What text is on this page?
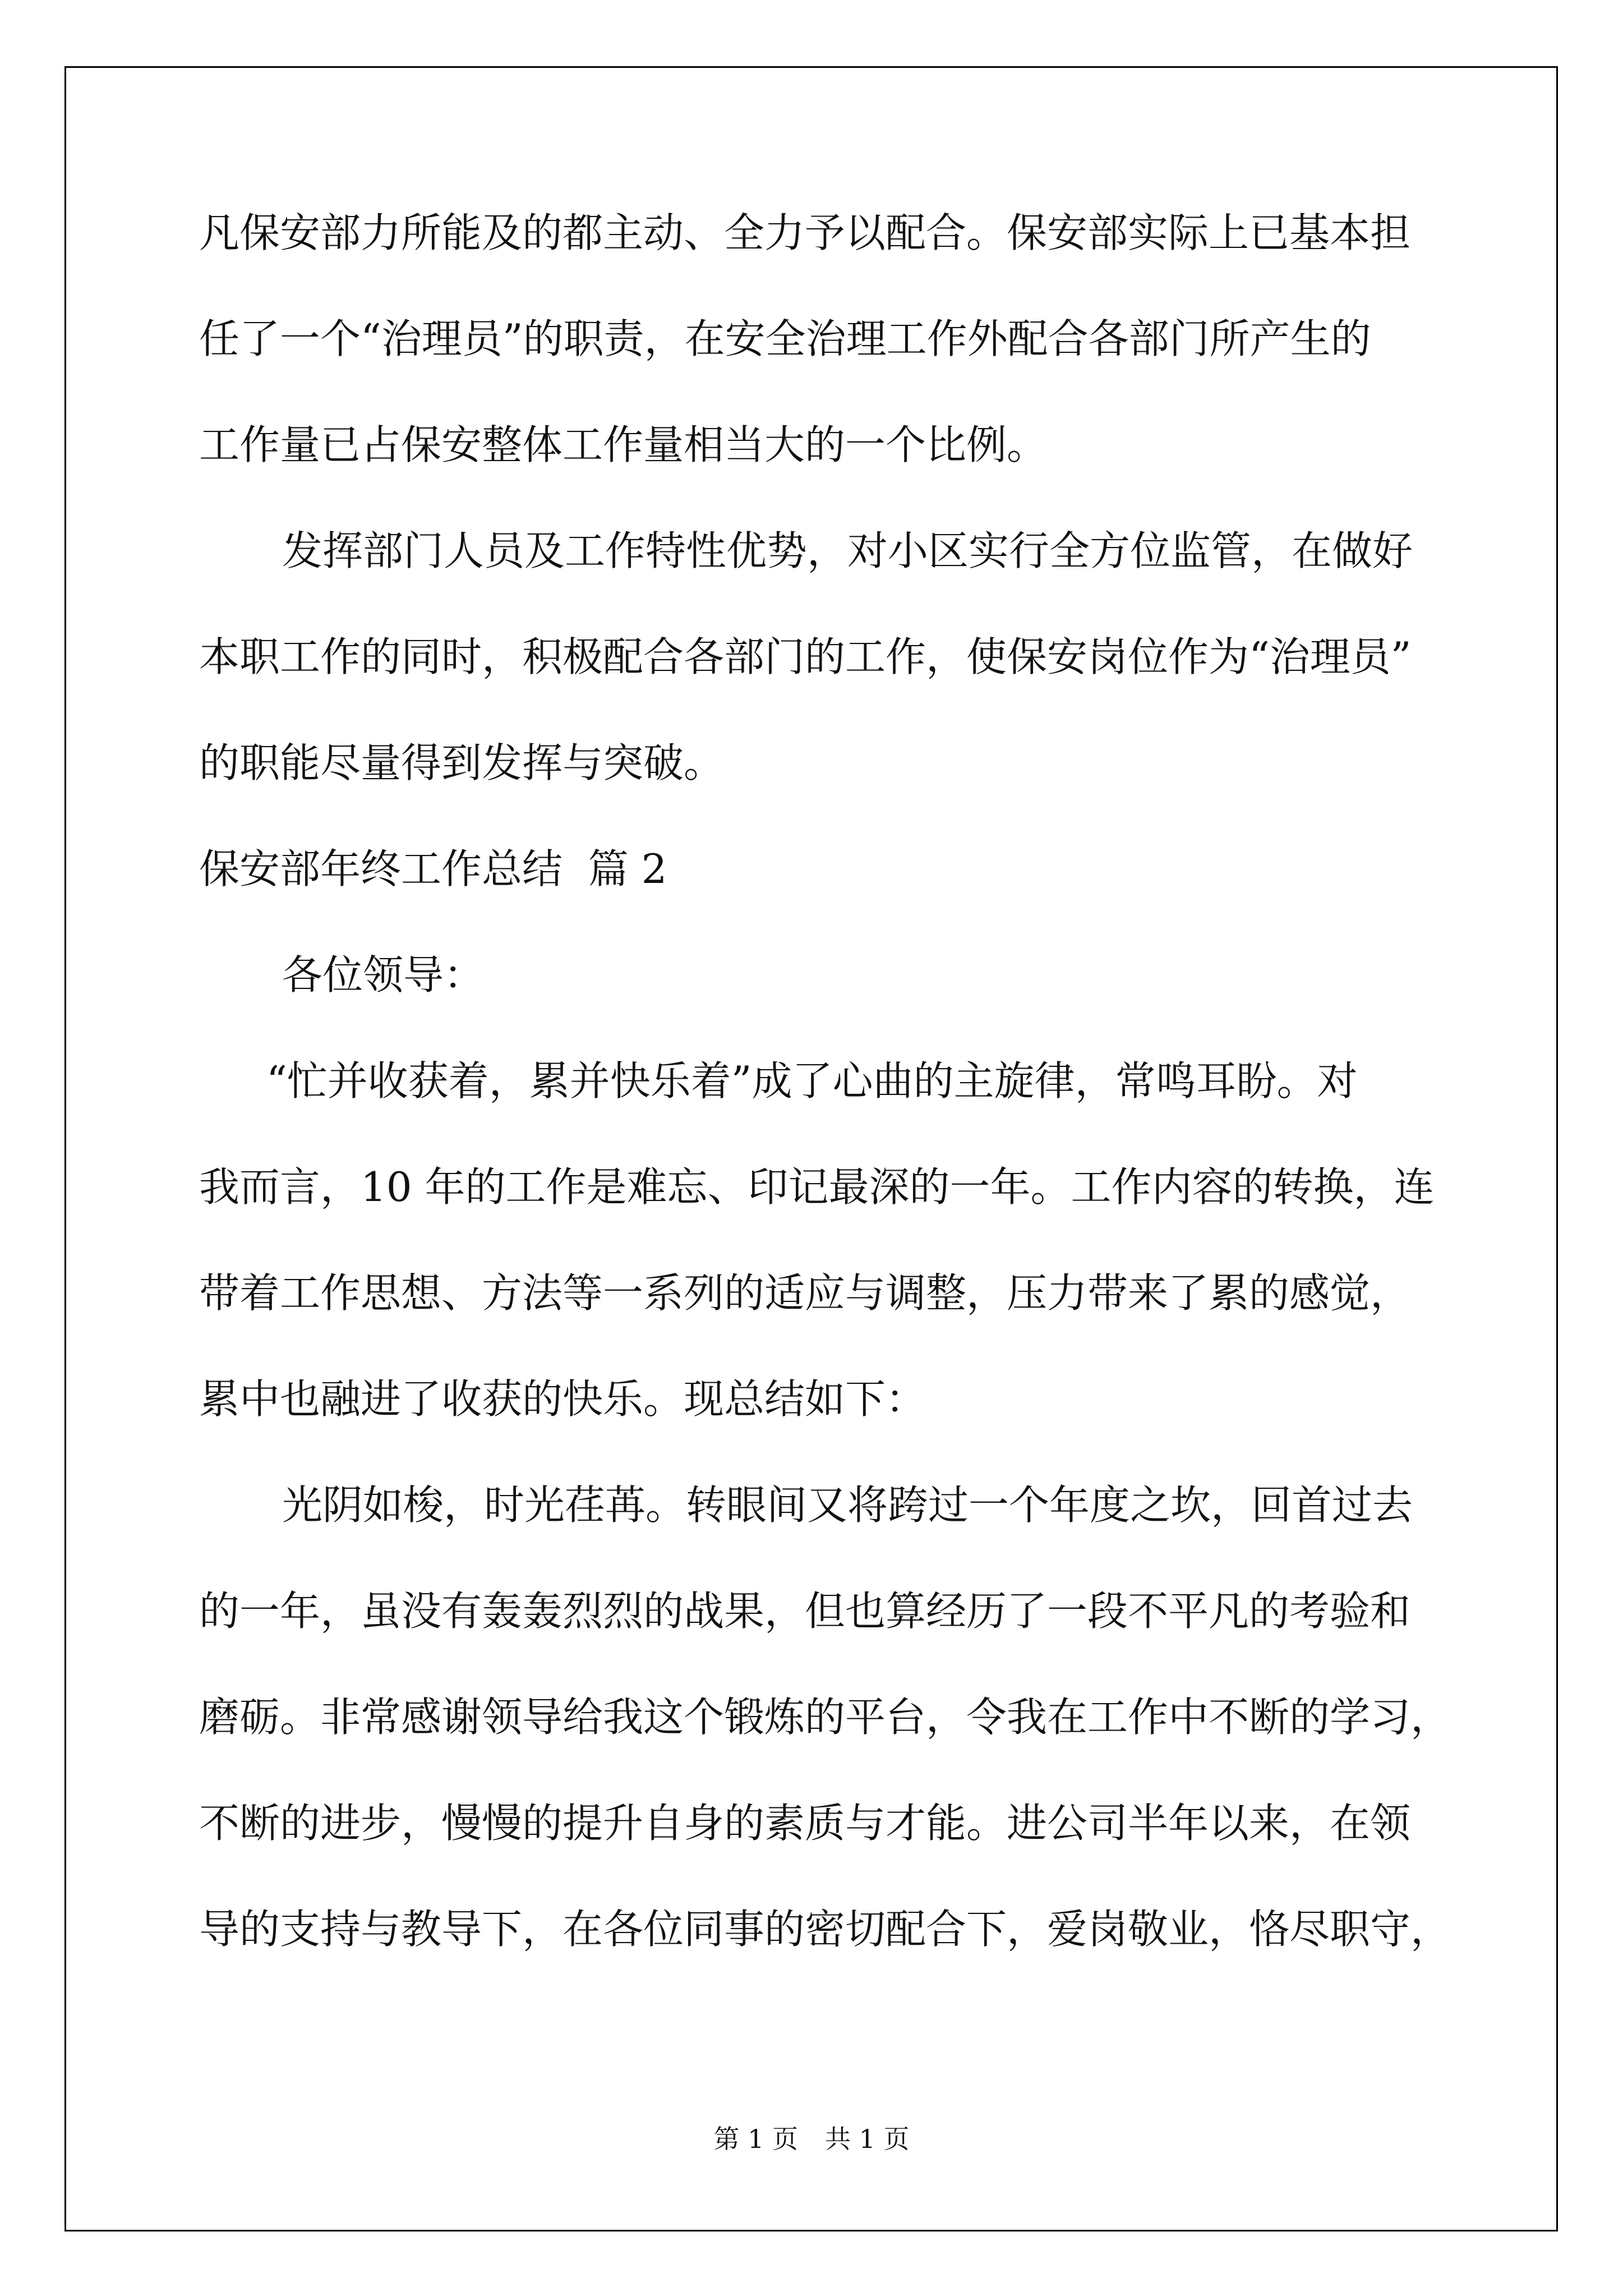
凡保安部力所能及的都主动、全力予以配合。保安部实际上已基本担
任了一个“治理员”的职责，在安全治理工作外配合各部门所产生的
工作量已占保安整体工作量相当大的一个比例。
发挥部门人员及工作特性优势，对小区实行全方位监管，在做好
本职工作的同时，积极配合各部门的工作，使保安岗位作为“治理员”
的职能尽量得到发挥与突破。
保安部年终工作总结  篇 2
各位领导：
“忙并收获着，累并快乐着”成了心曲的主旋律，常鸣耳盼。对
我而言，10 年的工作是难忘、印记最深的一年。工作内容的转换，连
带着工作思想、方法等一系列的适应与调整，压力带来了累的感觉，
累中也融进了收获的快乐。现总结如下：
光阴如梭，时光荏苒。转眼间又将跨过一个年度之坎，回首过去
的一年，虽没有轰轰烈烈的战果，但也算经历了一段不平凡的考验和
磨砺。非常感谢领导给我这个锻炼的平台，令我在工作中不断的学习，
不断的进步，慢慢的提升自身的素质与才能。进公司半年以来，在领
导的支持与教导下，在各位同事的密切配合下，爱岗敬业，恪尽职守，
第 1 页 共 1 页
